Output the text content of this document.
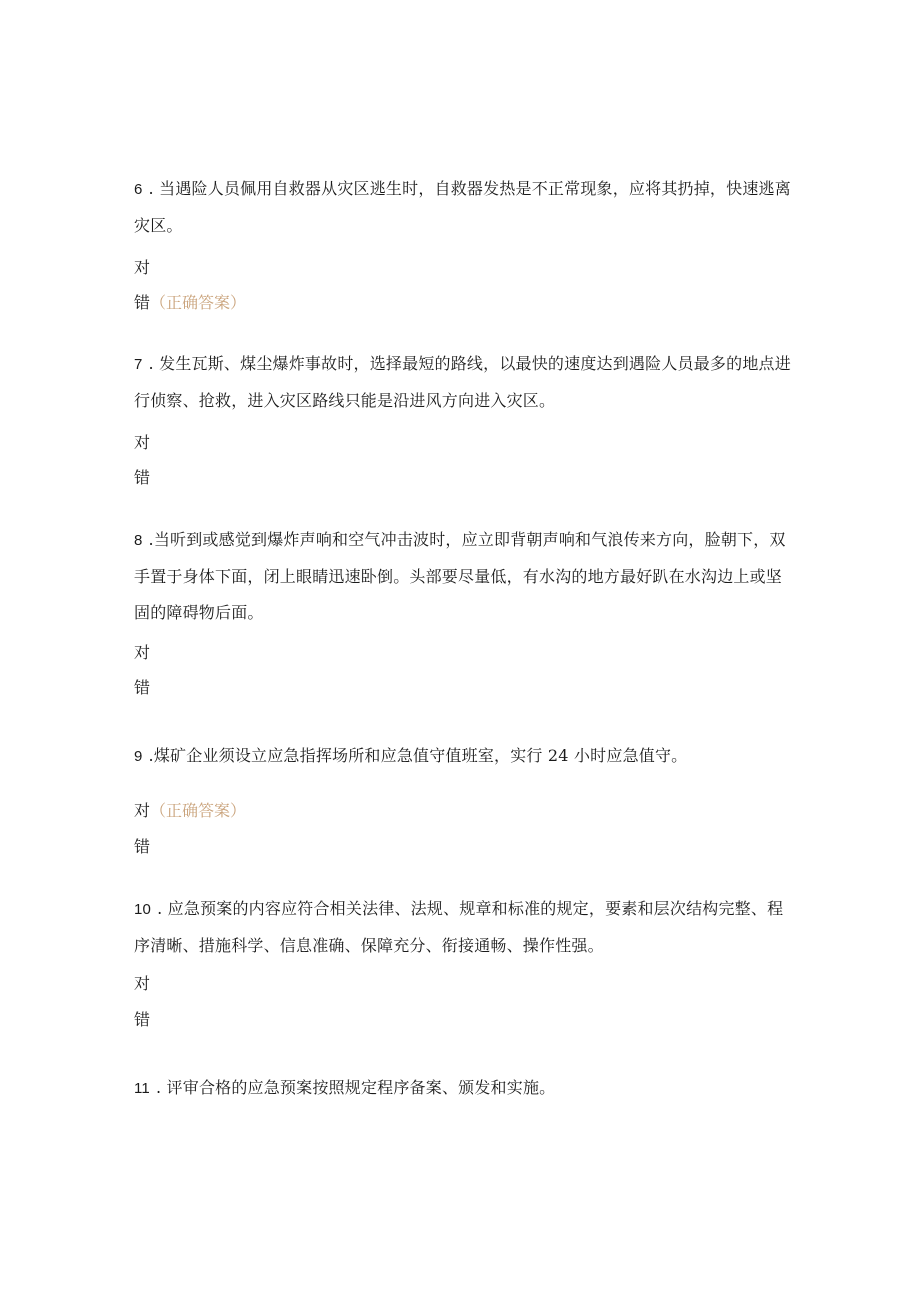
6 . 当遇险人员佩用自救器从灾区逃生时，自救器发热是不正常现象，应将其扔掉，快速逃离灾区。
对
错（正确答案）
7 . 发生瓦斯、煤尘爆炸事故时，选择最短的路线，以最快的速度达到遇险人员最多的地点进行侦察、抢救，进入灾区路线只能是沿进风方向进入灾区。
对
错
8 .当听到或感觉到爆炸声响和空气冲击波时，应立即背朝声响和气浪传来方向，脸朝下，双手置于身体下面，闭上眼睛迅速卧倒。头部要尽量低，有水沟的地方最好趴在水沟边上或坚固的障碍物后面。
对
错
9 .煤矿企业须设立应急指挥场所和应急值守值班室，实行 24 小时应急值守。
对（正确答案）
错
10 . 应急预案的内容应符合相关法律、法规、规章和标准的规定，要素和层次结构完整、程序清晰、措施科学、信息准确、保障充分、衔接通畅、操作性强。
对
错
11 . 评审合格的应急预案按照规定程序备案、颁发和实施。
